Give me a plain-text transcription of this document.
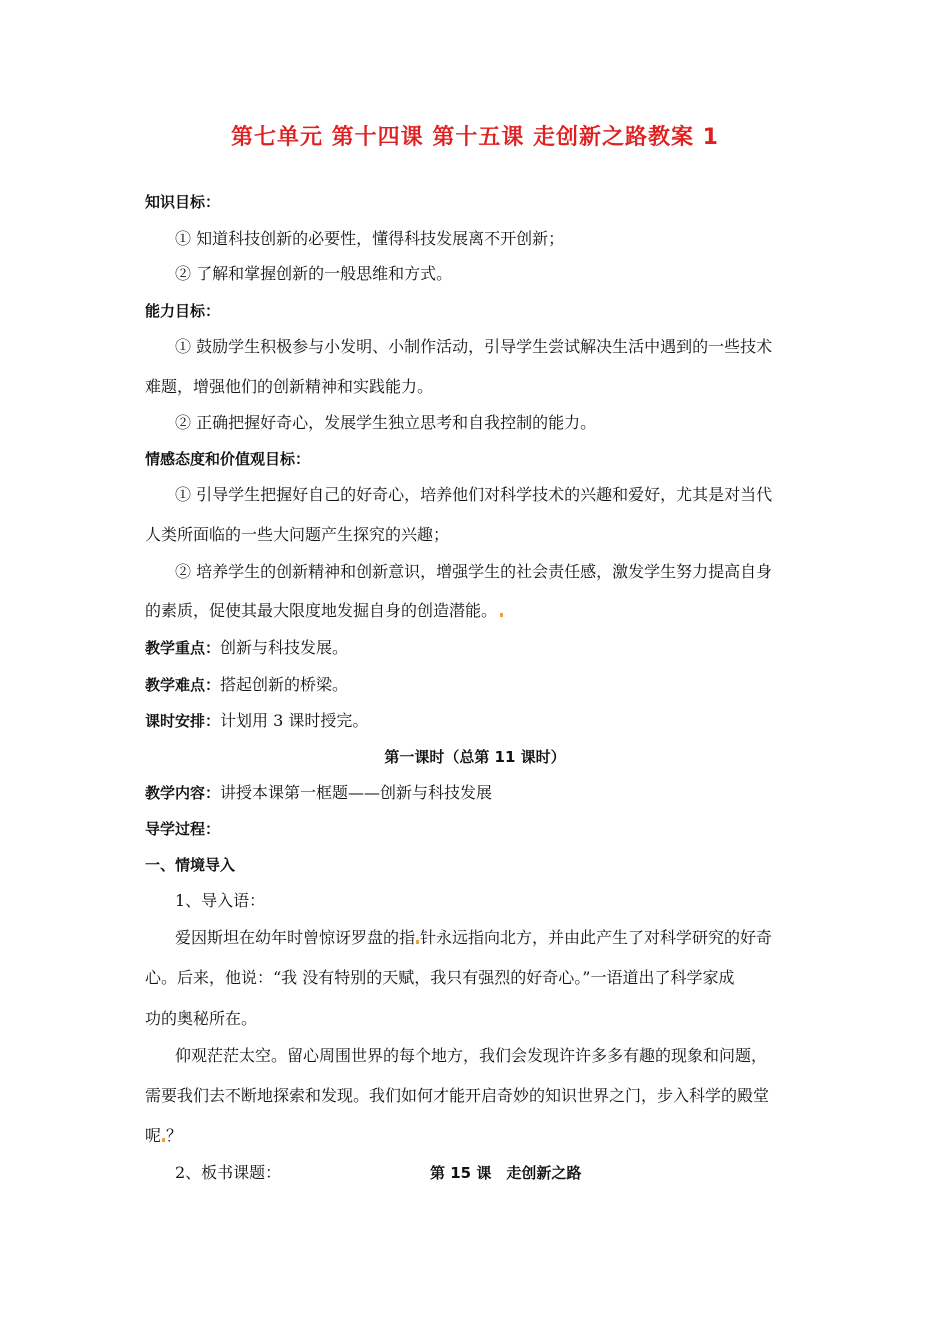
第七单元 第十四课 第十五课 走创新之路教案 1
知识目标：
① 知道科技创新的必要性，懂得科技发展离不开创新；
② 了解和掌握创新的一般思维和方式。
能力目标：
① 鼓励学生积极参与小发明、小制作活动，引导学生尝试解决生活中遇到的一些技术
难题，增强他们的创新精神和实践能力。
② 正确把握好奇心，发展学生独立思考和自我控制的能力。
情感态度和价值观目标：
① 引导学生把握好自己的好奇心，培养他们对科学技术的兴趣和爱好，尤其是对当代
人类所面临的一些大问题产生探究的兴趣；
② 培养学生的创新精神和创新意识，增强学生的社会责任感，激发学生努力提高自身
的素质，促使其最大限度地发掘自身的创造潜能。
教学重点：创新与科技发展。
教学难点：搭起创新的桥梁。
课时安排：计划用 3 课时授完。
第一课时（总第 11 课时）
教学内容：讲授本课第一框题——创新与科技发展
导学过程：
一、情境导入
1、导入语：
爱因斯坦在幼年时曾惊讶罗盘的指 针永远指向北方，并由此产生了对科学研究的好奇
心。后来，他说：“我 没有特别的天赋，我只有强烈的好奇心。”一语道出了科学家成
功的奥秘所在。
仰观茫茫太空。留心周围世界的每个地方，我们会发现许许多多有趣的现象和问题，
需要我们去不断地探索和发现。我们如何才能开启奇妙的知识世界之门，步入科学的殿堂
呢 ？
2、板书课题：	第 15 课　走创新之路
